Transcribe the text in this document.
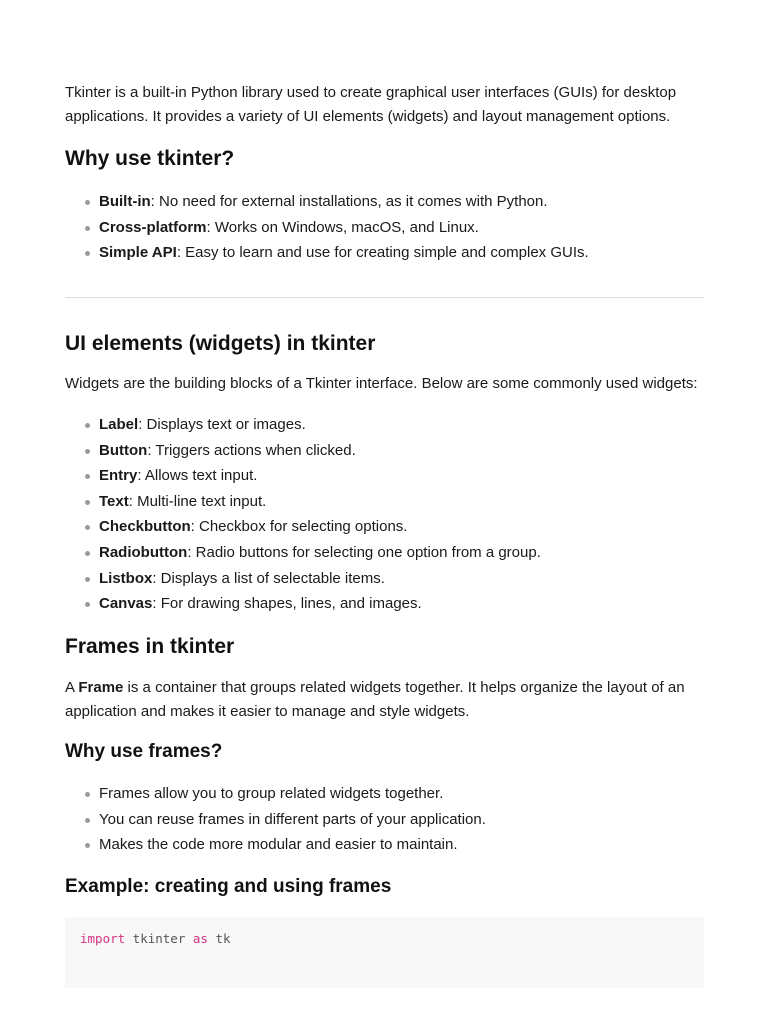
Tkinter is a built-in Python library used to create graphical user interfaces (GUIs) for desktop applications. It provides a variety of UI elements (widgets) and layout management options.

Why use tkinter?
Built-in: No need for external installations, as it comes with Python.
Cross-platform: Works on Windows, macOS, and Linux.
Simple API: Easy to learn and use for creating simple and complex GUIs.
UI elements (widgets) in tkinter

Widgets are the building blocks of a Tkinter interface. Below are some commonly used widgets:

Label: Displays text or images.
Button: Triggers actions when clicked.
Entry: Allows text input.
Text: Multi-line text input.
Checkbutton: Checkbox for selecting options.
Radiobutton: Radio buttons for selecting one option from a group.
Listbox: Displays a list of selectable items.
Canvas: For drawing shapes, lines, and images.
Frames in tkinter

A Frame is a container that groups related widgets together. It helps organize the layout of an application and makes it easier to manage and style widgets.

Why use frames?
Frames allow you to group related widgets together.
You can reuse frames in different parts of your application.
Makes the code more modular and easier to maintain.
Example: creating and using frames
import tkinter as tk
